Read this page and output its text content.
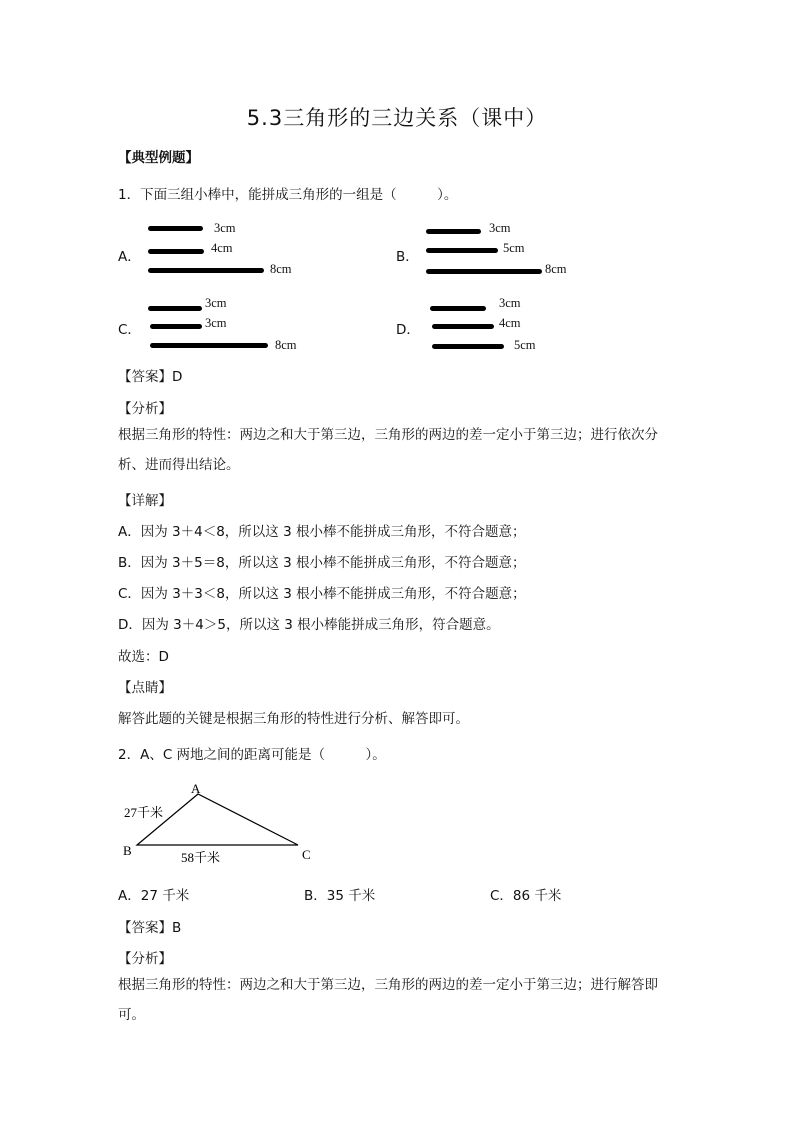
5.3三角形的三边关系（课中）
【典型例题】
1．下面三组小棒中，能拼成三角形的一组是（　　　）。
A．
3cm
4cm
8cm
B．
3cm
5cm
8cm
C．
3cm
3cm
8cm
D．
3cm
4cm
5cm
【答案】D
【分析】
根据三角形的特性：两边之和大于第三边，三角形的两边的差一定小于第三边；进行依次分析、进而得出结论。
【详解】
A．因为 3＋4＜8，所以这 3 根小棒不能拼成三角形，不符合题意；
B．因为 3＋5＝8，所以这 3 根小棒不能拼成三角形，不符合题意；
C．因为 3＋3＜8，所以这 3 根小棒不能拼成三角形，不符合题意；
D．因为 3＋4＞5，所以这 3 根小棒能拼成三角形，符合题意。
故选：D
【点睛】
解答此题的关键是根据三角形的特性进行分析、解答即可。
2．A、C 两地之间的距离可能是（　　　）。
A
B	C
27千米
58千米
A．27 千米	B．35 千米	C．86 千米
【答案】B
【分析】
根据三角形的特性：两边之和大于第三边，三角形的两边的差一定小于第三边；进行解答即可。
